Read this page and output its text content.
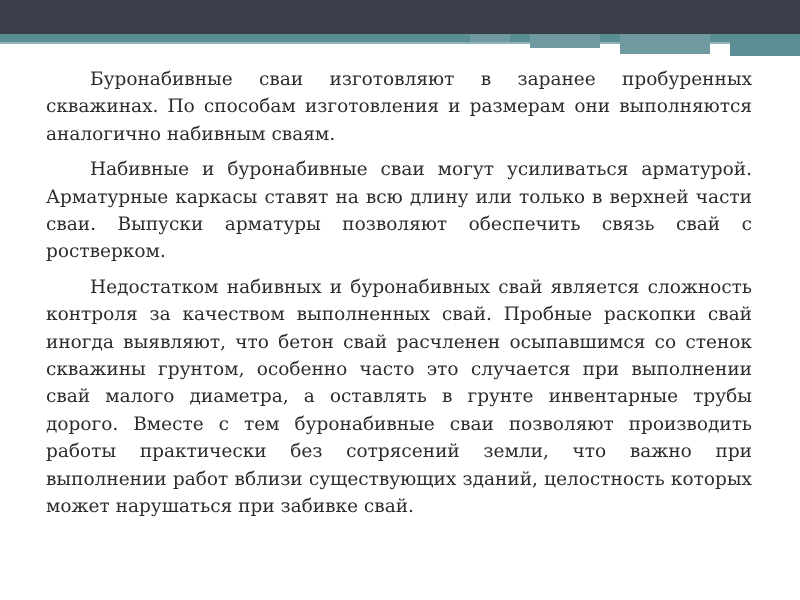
Буронабивные сваи изготовляют в заранее пробуренных скважинах. По способам изготовления и размерам они выполняются аналогично набивным сваям.

Набивные и буронабивные сваи могут усиливаться арматурой. Арматурные каркасы ставят на всю длину или только в верхней части сваи. Выпуски арматуры позволяют обеспечить связь свай с ростверком.

Недостатком набивных и буронабивных свай является сложность контроля за качеством выполненных свай. Пробные раскопки свай иногда выявляют, что бетон свай расчленен осыпавшимся со стенок скважины грунтом, особенно часто это случается при выполнении свай малого диаметра, а оставлять в грунте инвентарные трубы дорого. Вместе с тем буронабивные сваи позволяют производить работы практически без сотрясений земли, что важно при выполнении работ вблизи существующих зданий, целостность которых может нарушаться при забивке свай.
